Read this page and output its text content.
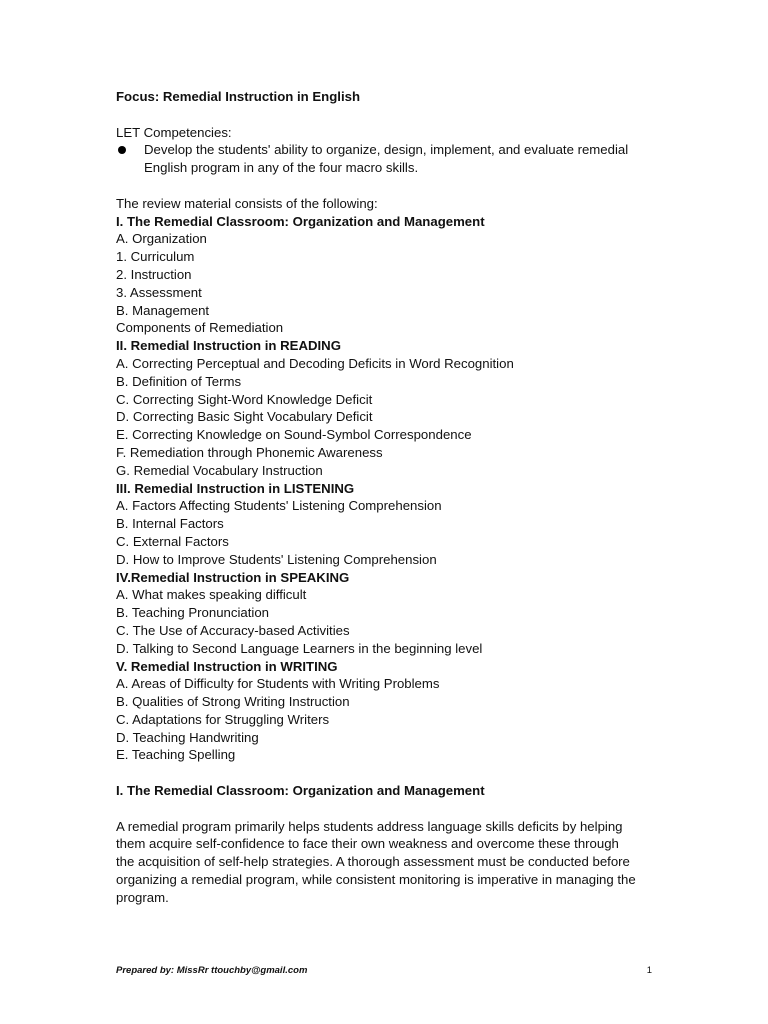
Focus: Remedial Instruction in English
LET Competencies:
Develop the students' ability to organize, design, implement, and evaluate remedial English program in any of the four macro skills.
The review material consists of the following:
I. The Remedial Classroom: Organization and Management
A. Organization
1. Curriculum
2. Instruction
3. Assessment
B. Management
Components of Remediation
II. Remedial Instruction in READING
A. Correcting Perceptual and Decoding Deficits in Word Recognition
B. Definition of Terms
C. Correcting Sight-Word Knowledge Deficit
D. Correcting Basic Sight Vocabulary Deficit
E. Correcting Knowledge on Sound-Symbol Correspondence
F. Remediation through Phonemic Awareness
G. Remedial Vocabulary Instruction
III. Remedial Instruction in LISTENING
A. Factors Affecting Students' Listening Comprehension
B. Internal Factors
C. External Factors
D. How to Improve Students' Listening Comprehension
IV.Remedial Instruction in SPEAKING
A. What makes speaking difficult
B. Teaching Pronunciation
C. The Use of Accuracy-based Activities
D. Talking to Second Language Learners in the beginning level
V. Remedial Instruction in WRITING
A. Areas of Difficulty for Students with Writing Problems
B. Qualities of Strong Writing Instruction
C. Adaptations for Struggling Writers
D. Teaching Handwriting
E. Teaching Spelling
I. The Remedial Classroom: Organization and Management
A remedial program primarily helps students address language skills deficits by helping them acquire self-confidence to face their own weakness and overcome these through the acquisition of self-help strategies. A thorough assessment must be conducted before organizing a remedial program, while consistent monitoring is imperative in managing the program.
Prepared by: MissRr ttouchby@gmail.com	1
